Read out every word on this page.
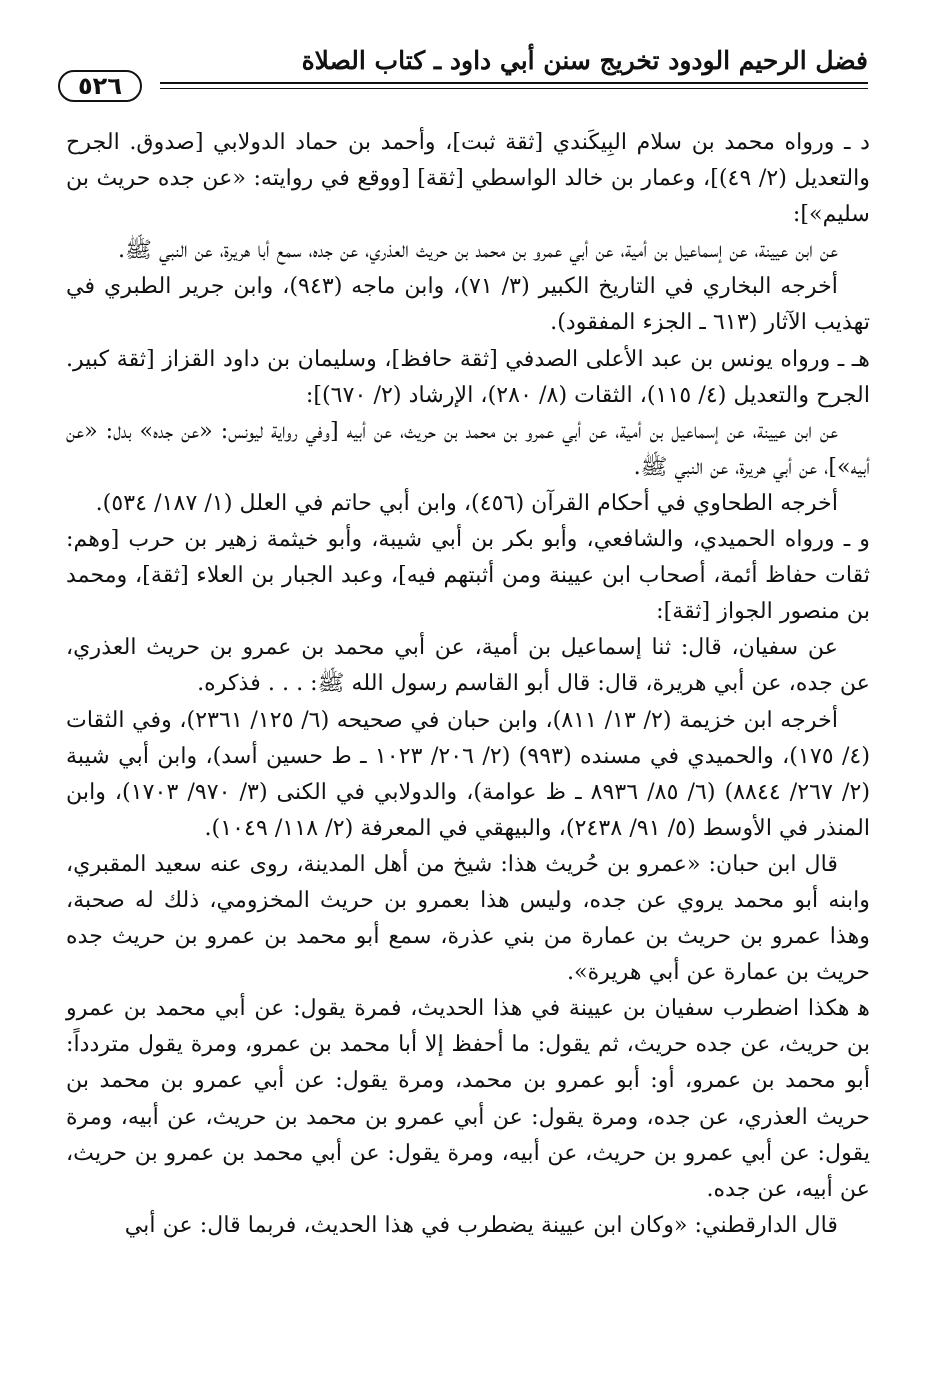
فضل الرحيم الودود تخريج سنن أبي داود ـ كتاب الصلاة
٥٢٦

د ـ ورواه محمد بن سلام البِيكَندي [ثقة ثبت]، وأحمد بن حماد الدولابي [صدوق. الجرح والتعديل (٢/ ٤٩)]، وعمار بن خالد الواسطي [ثقة] [ووقع في روايته: «عن جده حريث بن سليم»]:

عن ابن عيينة، عن إسماعيل بن أمية، عن أبي عمرو بن محمد بن حريث العذري، عن جده، سمع أبا هريرة، عن النبي ﷺ.

أخرجه البخاري في التاريخ الكبير (٣/ ٧١)، وابن ماجه (٩٤٣)، وابن جرير الطبري في تهذيب الآثار (٦١٣ ـ الجزء المفقود).

هـ ـ ورواه يونس بن عبد الأعلى الصدفي [ثقة حافظ]، وسليمان بن داود القزاز [ثقة كبير. الجرح والتعديل (٤/ ١١٥)، الثقات (٨/ ٢٨٠)، الإرشاد (٢/ ٦٧٠)]:

عن ابن عيينة، عن إسماعيل بن أمية، عن أبي عمرو بن محمد بن حريث، عن أبيه [وفي رواية ليونس: «عن جده» بدل: «عن أبيه»]، عن أبي هريرة، عن النبي ﷺ.

أخرجه الطحاوي في أحكام القرآن (٤٥٦)، وابن أبي حاتم في العلل (١/ ١٨٧/ ٥٣٤).

و ـ ورواه الحميدي، والشافعي، وأبو بكر بن أبي شيبة، وأبو خيثمة زهير بن حرب [وهم: ثقات حفاظ أئمة، أصحاب ابن عيينة ومن أثبتهم فيه]، وعبد الجبار بن العلاء [ثقة]، ومحمد بن منصور الجواز [ثقة]:

عن سفيان، قال: ثنا إسماعيل بن أمية، عن أبي محمد بن عمرو بن حريث العذري، عن جده، عن أبي هريرة، قال: قال أبو القاسم رسول الله ﷺ: . . . فذكره.

أخرجه ابن خزيمة (٢/ ١٣/ ٨١١)، وابن حبان في صحيحه (٦/ ١٢٥/ ٢٣٦١)، وفي الثقات (٤/ ١٧٥)، والحميدي في مسنده (٩٩٣) (٢/ ٢٠٦/ ١٠٢٣ ـ ط حسين أسد)، وابن أبي شيبة (٢/ ٢٦٧/ ٨٨٤٤) (٦/ ٨٥/ ٨٩٣٦ ـ ظ عوامة)، والدولابي في الكنى (٣/ ٩٧٠/ ١٧٠٣)، وابن المنذر في الأوسط (٥/ ٩١/ ٢٤٣٨)، والبيهقي في المعرفة (٢/ ١١٨/ ١٠٤٩).

قال ابن حبان: «عمرو بن حُريث هذا: شيخ من أهل المدينة، روى عنه سعيد المقبري، وابنه أبو محمد يروي عن جده، وليس هذا بعمرو بن حريث المخزومي، ذلك له صحبة، وهذا عمرو بن حريث بن عمارة من بني عذرة، سمع أبو محمد بن عمرو بن حريث جده حريث بن عمارة عن أبي هريرة».

ﻫ هكذا اضطرب سفيان بن عيينة في هذا الحديث، فمرة يقول: عن أبي محمد بن عمرو بن حريث، عن جده حريث، ثم يقول: ما أحفظ إلا أبا محمد بن عمرو، ومرة يقول متردداً: أبو محمد بن عمرو، أو: أبو عمرو بن محمد، ومرة يقول: عن أبي عمرو بن محمد بن حريث العذري، عن جده، ومرة يقول: عن أبي عمرو بن محمد بن حريث، عن أبيه، ومرة يقول: عن أبي عمرو بن حريث، عن أبيه، ومرة يقول: عن أبي محمد بن عمرو بن حريث، عن أبيه، عن جده.

قال الدارقطني: «وكان ابن عيينة يضطرب في هذا الحديث، فربما قال: عن أبي
